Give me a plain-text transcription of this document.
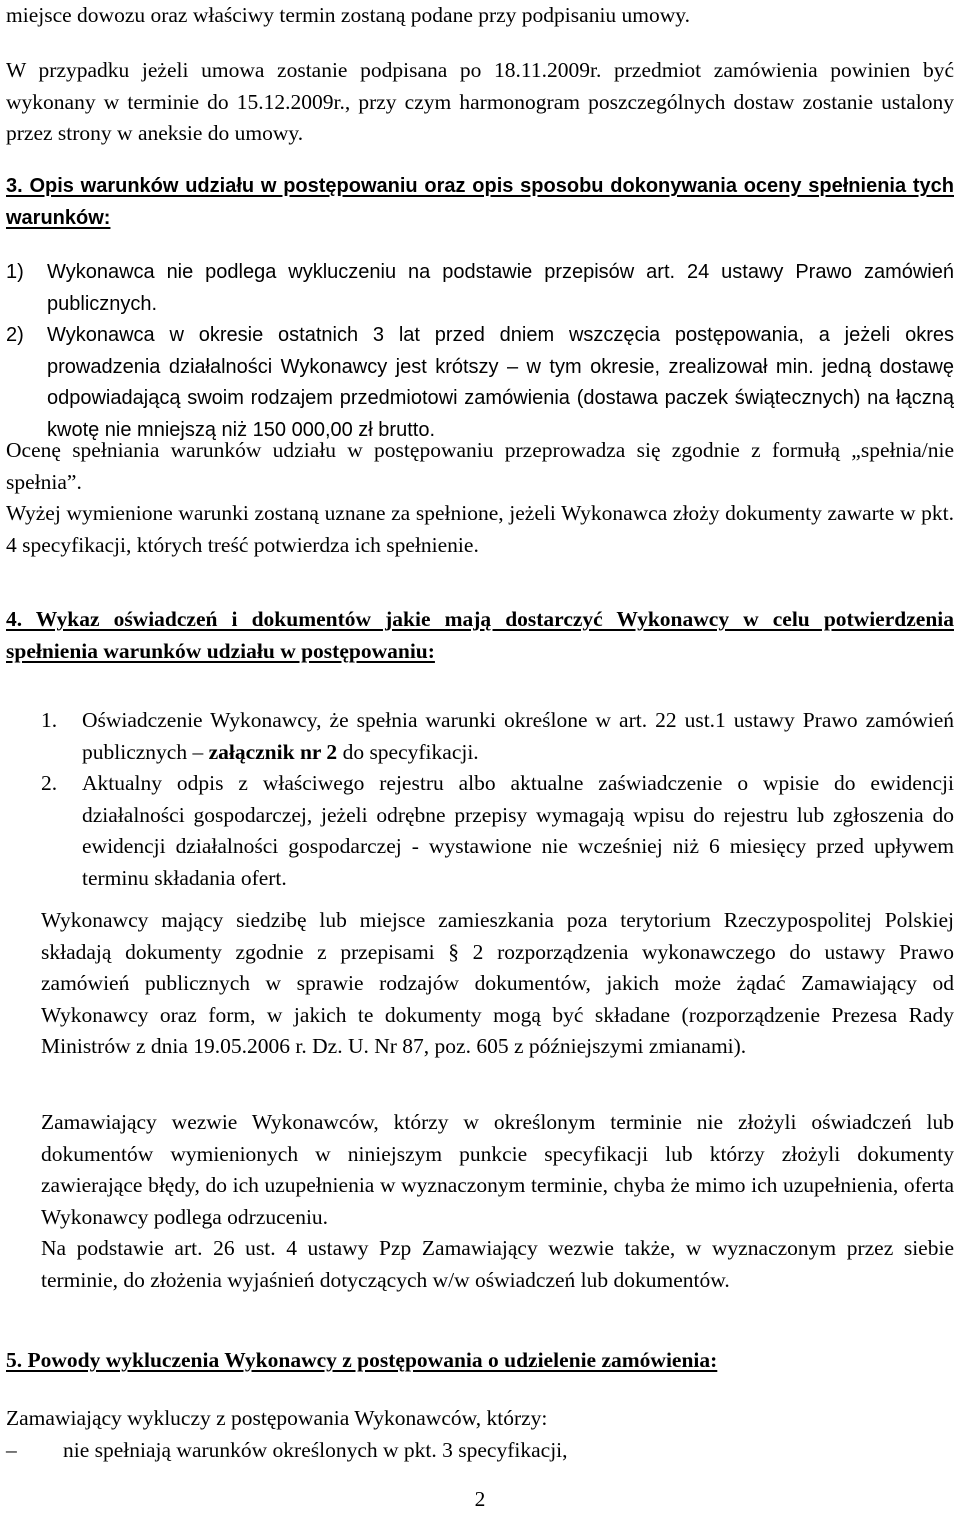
miejsce dowozu oraz właściwy termin zostaną podane przy podpisaniu umowy.

W przypadku jeżeli umowa zostanie podpisana po 18.11.2009r. przedmiot zamówienia powinien być wykonany w terminie do 15.12.2009r., przy czym harmonogram poszczególnych dostaw zostanie ustalony przez strony w aneksie do umowy.

3. Opis warunków udziału w postępowaniu oraz opis sposobu dokonywania oceny spełnienia tych warunków:

1) Wykonawca nie podlega wykluczeniu na podstawie przepisów art. 24 ustawy Prawo zamówień publicznych.

2) Wykonawca w okresie ostatnich 3 lat przed dniem wszczęcia postępowania, a jeżeli okres prowadzenia działalności Wykonawcy jest krótszy – w tym okresie, zrealizował min. jedną dostawę odpowiadającą swoim rodzajem przedmiotowi zamówienia (dostawa paczek świątecznych) na łączną kwotę nie mniejszą niż 150 000,00 zł brutto.

Ocenę spełniania warunków udziału w postępowaniu przeprowadza się zgodnie z formułą „spełnia/nie spełnia”.

Wyżej wymienione warunki zostaną uznane za spełnione, jeżeli Wykonawca złoży dokumenty zawarte w pkt. 4 specyfikacji, których treść potwierdza ich spełnienie.

4. Wykaz oświadczeń i dokumentów jakie mają dostarczyć Wykonawcy w celu potwierdzenia spełnienia warunków udziału w postępowaniu:

1. Oświadczenie Wykonawcy, że spełnia warunki określone w art. 22 ust.1 ustawy Prawo zamówień publicznych – załącznik nr 2 do specyfikacji.

2. Aktualny odpis z właściwego rejestru albo aktualne zaświadczenie o wpisie do ewidencji działalności gospodarczej, jeżeli odrębne przepisy wymagają wpisu do rejestru lub zgłoszenia do ewidencji działalności gospodarczej - wystawione nie wcześniej niż 6 miesięcy przed upływem terminu składania ofert.

Wykonawcy mający siedzibę lub miejsce zamieszkania poza terytorium Rzeczypospolitej Polskiej składają dokumenty zgodnie z przepisami § 2 rozporządzenia wykonawczego do ustawy Prawo zamówień publicznych w sprawie rodzajów dokumentów, jakich może żądać Zamawiający od Wykonawcy oraz form, w jakich te dokumenty mogą być składane (rozporządzenie Prezesa Rady Ministrów z dnia 19.05.2006 r. Dz. U. Nr 87, poz. 605 z późniejszymi zmianami).

Zamawiający wezwie Wykonawców, którzy w określonym terminie nie złożyli oświadczeń lub dokumentów wymienionych w niniejszym punkcie specyfikacji lub którzy złożyli dokumenty zawierające błędy, do ich uzupełnienia w wyznaczonym terminie, chyba że mimo ich uzupełnienia, oferta Wykonawcy podlega odrzuceniu.

Na podstawie art. 26 ust. 4 ustawy Pzp Zamawiający wezwie także, w wyznaczonym przez siebie terminie, do złożenia wyjaśnień dotyczących w/w oświadczeń lub dokumentów.

5. Powody wykluczenia Wykonawcy z postępowania o udzielenie zamówienia:

Zamawiający wykluczy z postępowania Wykonawców, którzy:

– nie spełniają warunków określonych w pkt. 3 specyfikacji,

2
